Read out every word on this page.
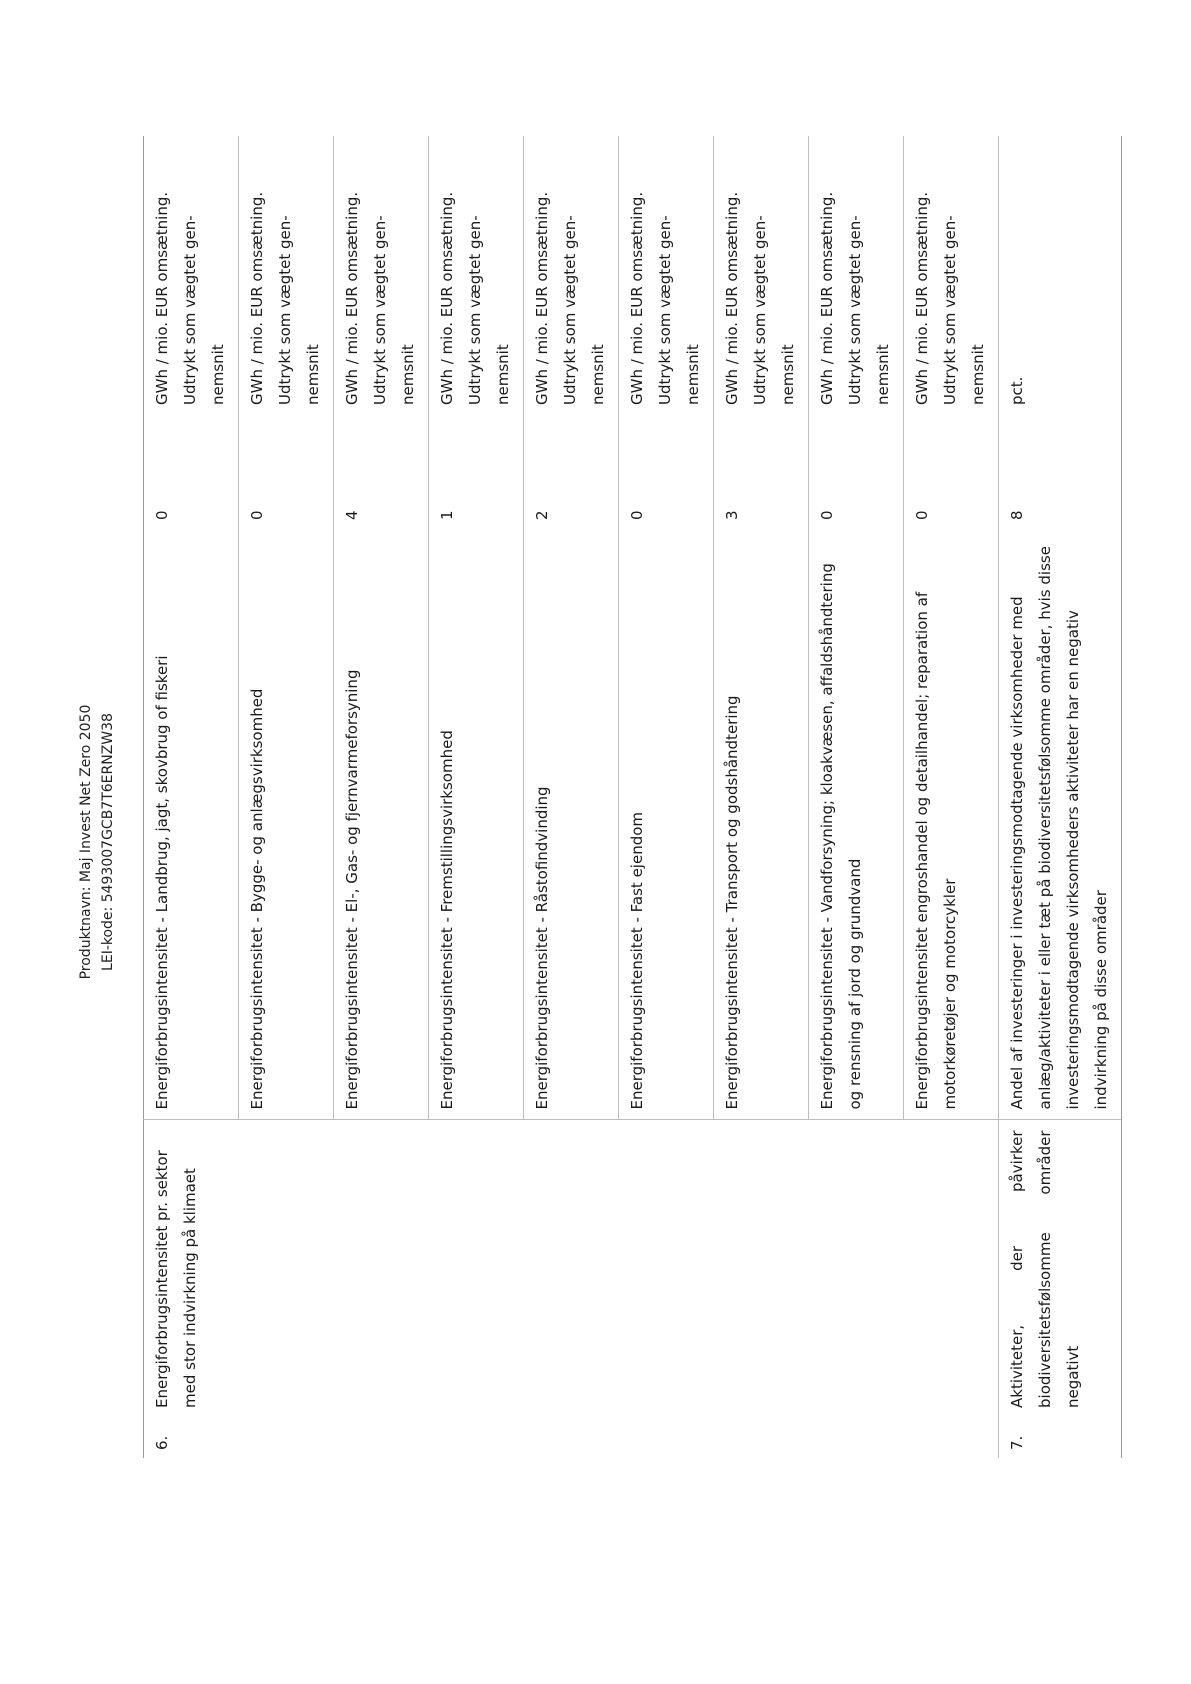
Produktnavn: Maj Invest Net Zero 2050 LEI-kode: 5493007GCB7T6ERNZW38
6.	Energiforbrugsintensitet pr. sektor med stor indvirkning på klimaet	Energiforbrugsintensitet - Landbrug, jagt, skovbrug of fiskeri	0	GWh / mio. EUR omsætning. Udtrykt som vægtet gen- nemsnit

		Energiforbrugsintensitet - Bygge- og anlægsvirksomhed	0	GWh / mio. EUR omsætning. Udtrykt som vægtet gen- nemsnit

		Energiforbrugsintensitet - El-, Gas- og fjernvarmeforsyning	4	GWh / mio. EUR omsætning. Udtrykt som vægtet gen- nemsnit

		Energiforbrugsintensitet - Fremstillingsvirksomhed	1	GWh / mio. EUR omsætning. Udtrykt som vægtet gen- nemsnit

		Energiforbrugsintensitet - Råstofindvinding	2	GWh / mio. EUR omsætning. Udtrykt som vægtet gen- nemsnit

		Energiforbrugsintensitet - Fast ejendom	0	GWh / mio. EUR omsætning. Udtrykt som vægtet gen- nemsnit

		Energiforbrugsintensitet - Transport og godshåndtering	3	GWh / mio. EUR omsætning. Udtrykt som vægtet gen- nemsnit

		Energiforbrugsintensitet - Vandforsyning; kloakvæsen, affaldshåndtering og rensning af jord og grundvand	0	GWh / mio. EUR omsætning. Udtrykt som vægtet gen- nemsnit

		Energiforbrugsintensitet engroshandel og detailhandel; reparation af motorkøretøjer og motorcykler	0	GWh / mio. EUR omsætning. Udtrykt som vægtet gen- nemsnit

7.	Aktiviteter, der påvirker biodiversitetsfølsomme områder negativt	Andel af investeringer i investeringsmodtagende virksomheder med anlæg/aktiviteter i eller tæt på biodiversitetsfølsomme områder, hvis disse investeringsmodtagende virksomheders aktiviteter har en negativ indvirkning på disse områder	8	pct.
